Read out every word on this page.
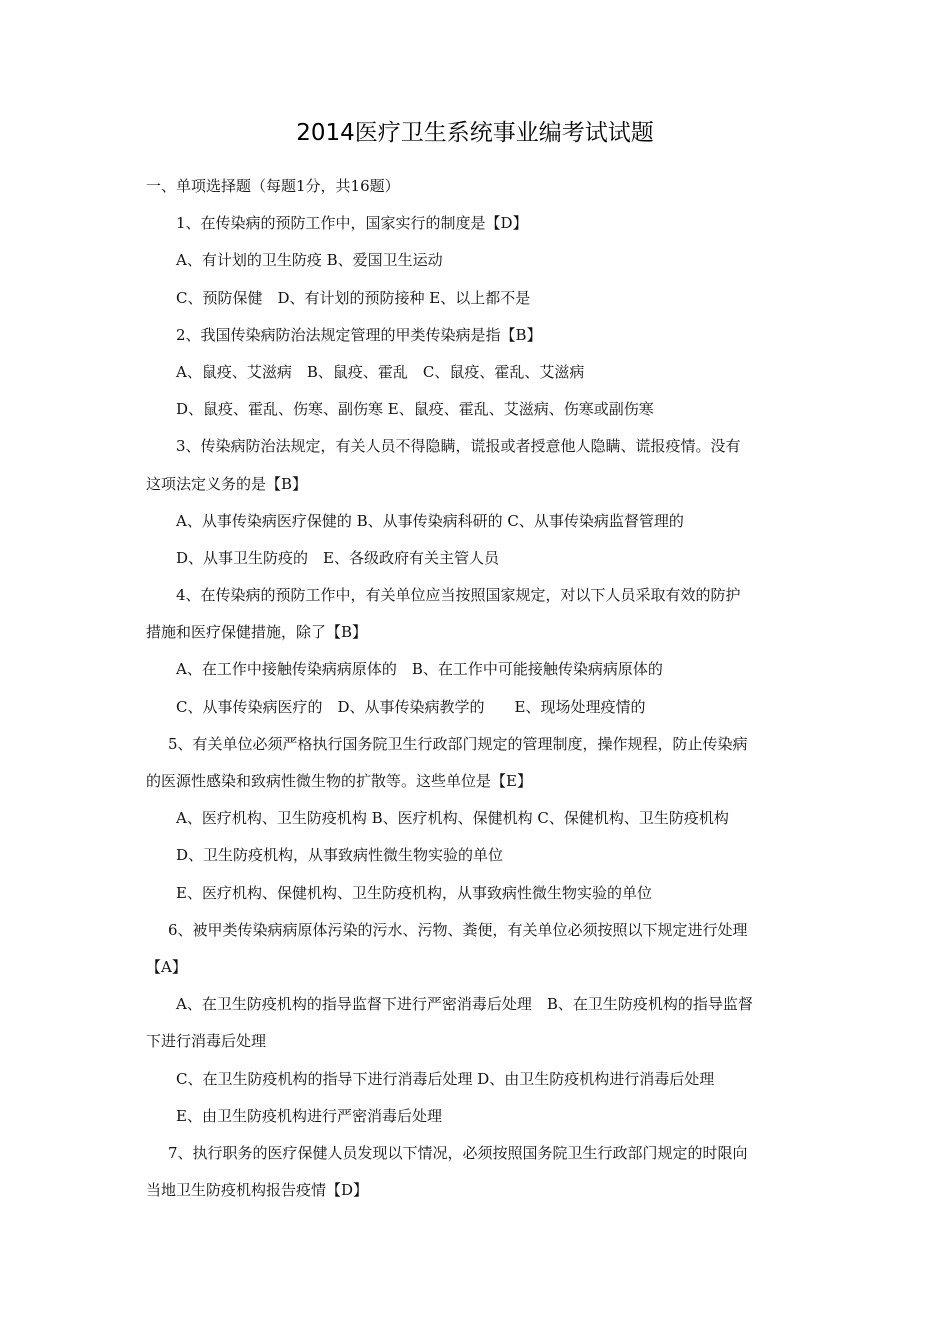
2014医疗卫生系统事业编考试试题
一、单项选择题（每题1分，共16题）
1、在传染病的预防工作中，国家实行的制度是【D】
A、有计划的卫生防疫 B、爱国卫生运动
C、预防保健　D、有计划的预防接种 E、以上都不是
2、我国传染病防治法规定管理的甲类传染病是指【B】
A、鼠疫、艾滋病　B、鼠疫、霍乱　C、鼠疫、霍乱、艾滋病
D、鼠疫、霍乱、伤寒、副伤寒 E、鼠疫、霍乱、艾滋病、伤寒或副伤寒
3、传染病防治法规定，有关人员不得隐瞒，谎报或者授意他人隐瞒、谎报疫情。没有
这项法定义务的是【B】
A、从事传染病医疗保健的 B、从事传染病科研的 C、从事传染病监督管理的
D、从事卫生防疫的　E、各级政府有关主管人员
4、在传染病的预防工作中，有关单位应当按照国家规定，对以下人员采取有效的防护
措施和医疗保健措施，除了【B】
A、在工作中接触传染病病原体的　B、在工作中可能接触传染病病原体的
C、从事传染病医疗的　D、从事传染病教学的　　E、现场处理疫情的
5、有关单位必须严格执行国务院卫生行政部门规定的管理制度，操作规程，防止传染病
的医源性感染和致病性微生物的扩散等。这些单位是【E】
A、医疗机构、卫生防疫机构 B、医疗机构、保健机构 C、保健机构、卫生防疫机构
D、卫生防疫机构，从事致病性微生物实验的单位
E、医疗机构、保健机构、卫生防疫机构，从事致病性微生物实验的单位
6、被甲类传染病病原体污染的污水、污物、粪便，有关单位必须按照以下规定进行处理
【A】
A、在卫生防疫机构的指导监督下进行严密消毒后处理　B、在卫生防疫机构的指导监督
下进行消毒后处理
C、在卫生防疫机构的指导下进行消毒后处理 D、由卫生防疫机构进行消毒后处理
E、由卫生防疫机构进行严密消毒后处理
7、执行职务的医疗保健人员发现以下情况，必须按照国务院卫生行政部门规定的时限向
当地卫生防疫机构报告疫情【D】
